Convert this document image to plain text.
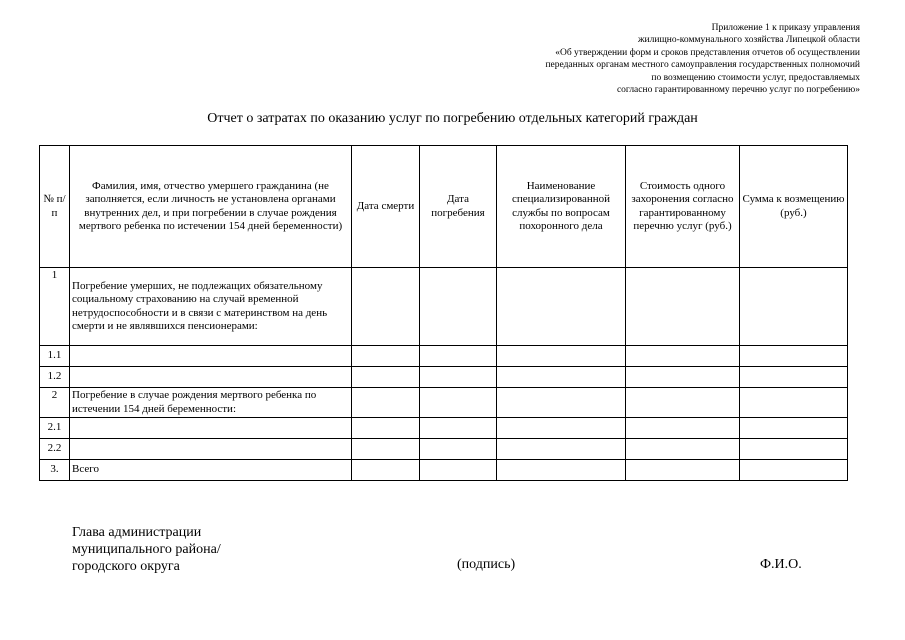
Приложение 1 к приказу управления
жилищно-коммунального хозяйства Липецкой области
«Об утверждении форм и сроков представления отчетов об осуществлении
переданных органам местного самоуправления государственных полномочий
по возмещению стоимости услуг, предоставляемых
согласно гарантированному перечню услуг по погребению»
Отчет о затратах по оказанию услуг по погребению отдельных категорий граждан
№ п/п	Фамилия, имя, отчество умершего гражданина (не заполняется, если личность не установлена органами внутренних дел, и при погребении в случае рождения мертвого ребенка по истечении 154 дней беременности)	Дата смерти	Дата погребения	Наименование специализированной службы по вопросам похоронного дела	Стоимость одного захоронения согласно гарантированному перечню услуг (руб.)	Сумма к возмещению (руб.)
1	Погребение умерших, не подлежащих обязательному социальному страхованию на случай временной нетрудоспособности и в связи с материнством на день смерти и не являвшихся пенсионерами:					
1.1						
1.2						
2	Погребение в случае рождения мертвого ребенка по истечении 154 дней беременности:					
2.1						
2.2						
3.	Всего					
Глава администрации
муниципального района/
городского округа	(подпись)	Ф.И.О.
